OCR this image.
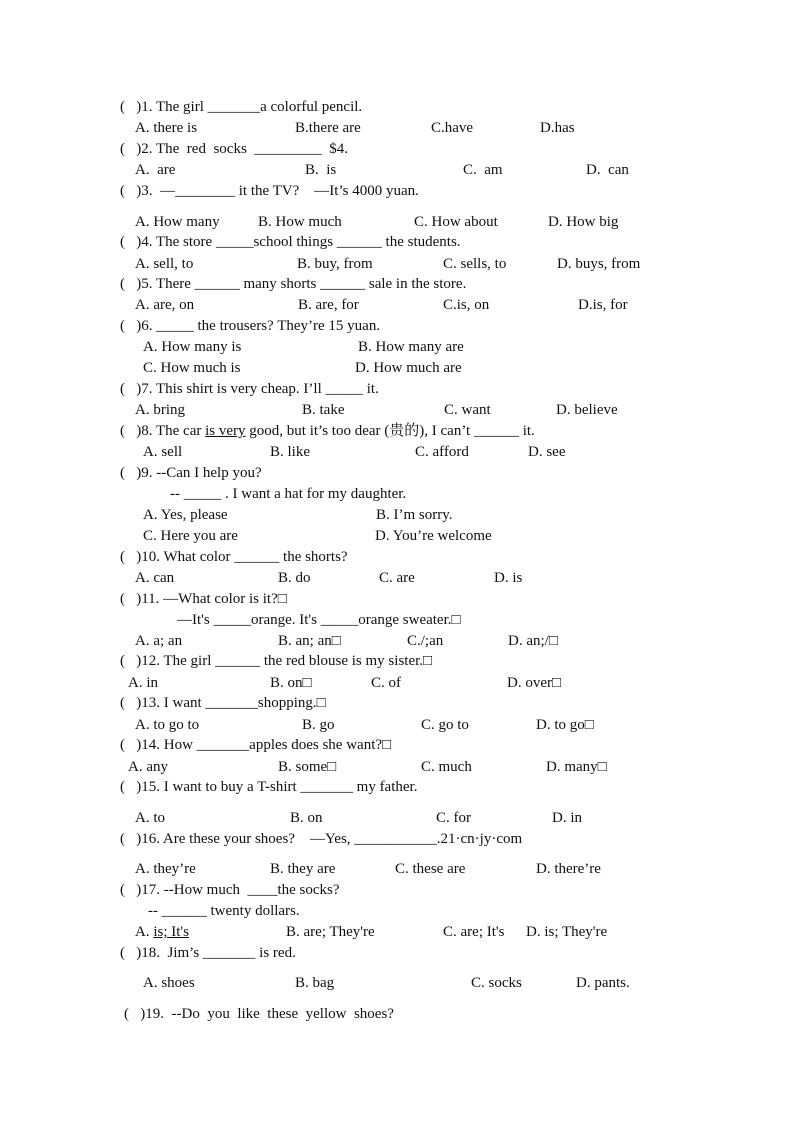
(   )1. The girl _______a colorful pencil.
A. there is	B.there are	C.have	D.has
(   )2. The  red  socks  _________  $4.
A.  are	B.  is	C.  am	D.  can
(   )3.  —________ it the TV?    —It’s 4000 yuan.
A. How many	B. How much	C. How about	D. How big
(   )4. The store _____school things ______ the students.
A. sell, to	B. buy, from	C. sells, to	D. buys, from
(   )5. There ______ many shorts ______ sale in the store.
A. are, on	B. are, for	C.is, on	D.is, for
(   )6. _____ the trousers? They’re 15 yuan.
A. How many is	B. How many are
C. How much is	D. How much are
(   )7. This shirt is very cheap. I’ll _____ it.
A. bring	B. take	C. want	D. believe
(   )8. The car is very good, but it’s too dear (贵的), I can’t ______ it.
A. sell	B. like	C. afford	D. see
(   )9. --Can I help you?
-- _____ . I want a hat for my daughter.
A. Yes, please	B. I’m sorry.
C. Here you are	D. You’re welcome
(   )10. What color ______ the shorts?
A. can	B. do	C. are	D. is
(   )11. —What color is it?□
—It's _____orange. It's _____orange sweater.□
A. a; an	B. an; an□	C./;an	D. an;/□
(   )12. The girl ______ the red blouse is my sister.□
A. in	B. on□	C. of	D. over□
(   )13. I want _______shopping.□
A. to go to	B. go	C. go to	D. to go□
(   )14. How _______apples does she want?□
A. any	B. some□	C. much	D. many□
(   )15. I want to buy a T-shirt _______ my father.
A. to	B. on	C. for	D. in
(   )16. Are these your shoes?    —Yes, ___________.21·cn·jy·com
A. they’re	B. they are	C. these are	D. there’re
(   )17. --How much  ____the socks?
-- ______ twenty dollars.
A. is; It's	B. are; They're	C. are; It's D. is; They're
(   )18.  Jim’s _______ is red.
A. shoes	B. bag	C. socks	D. pants.
(   )19.  --Do  you  like  these  yellow  shoes?
